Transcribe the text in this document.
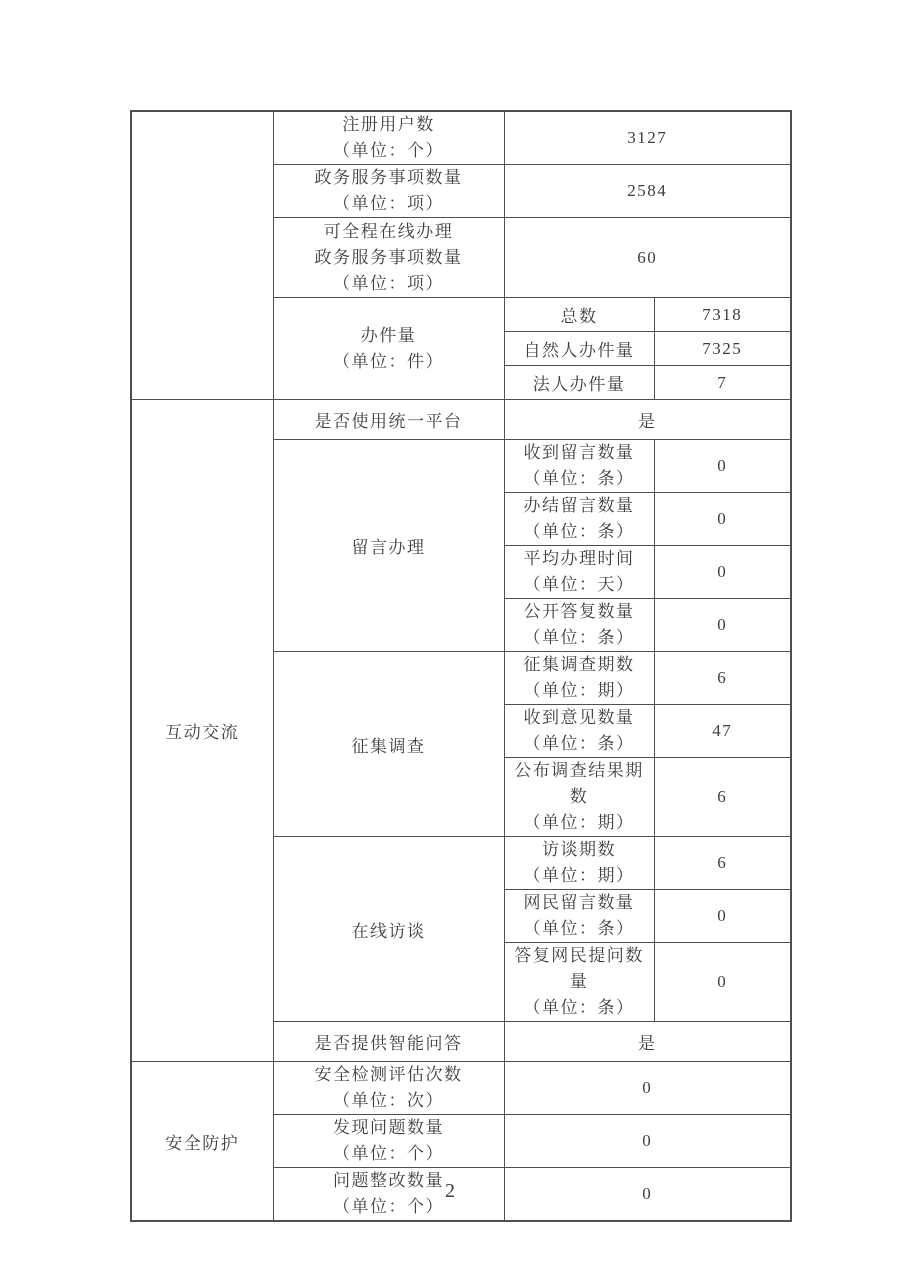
	注册用户数
（单位：个）	3127	

	政务服务事项数量
（单位：项）	2584	

	可全程在线办理
政务服务事项数量
（单位：项）	60	

	办件量
（单位：件）	总数	7318
		自然人办件量	7325
		法人办件量	7
互动交流	是否使用统一平台	是	
	留言办理	收到留言数量
（单位：条）	0

		办结留言数量
（单位：条）	0

		平均办理时间
（单位：天）	0

		公开答复数量
（单位：条）	0
	征集调查	征集调查期数
（单位：期）	6

		收到意见数量
（单位：条）	47

		公布调查结果期数
（单位：期）	6
	在线访谈	访谈期数
（单位：期）	6

		网民留言数量
（单位：条）	0

		答复网民提问数量
（单位：条）	0
	是否提供智能问答	是	
安全防护	安全检测评估次数
（单位：次）	0	

	发现问题数量
（单位：个）	0	

	问题整改数量
（单位：个）	0	
2
